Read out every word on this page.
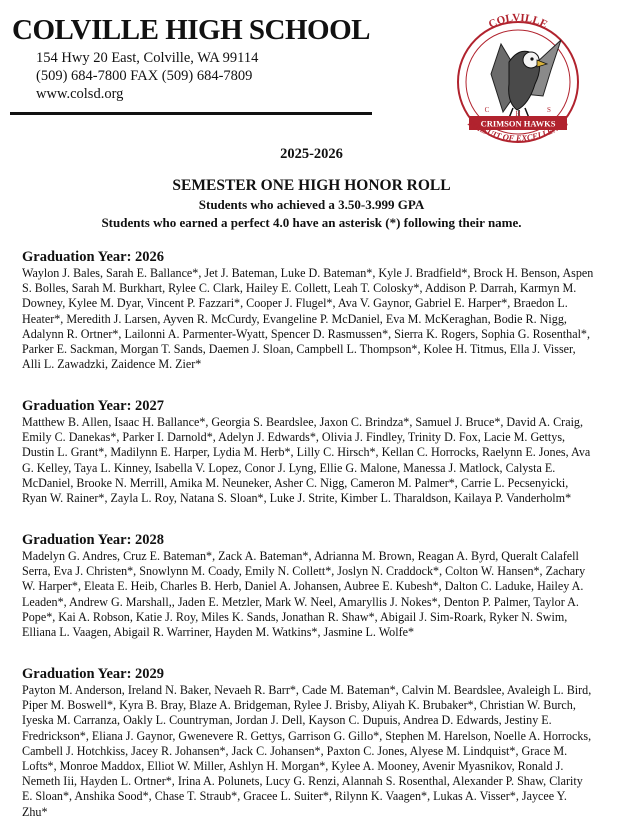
COLVILLE HIGH SCHOOL
154 Hwy 20 East, Colville, WA 99114
(509) 684-7800 FAX (509) 684-7809
www.colsd.org
COLVILLE
CRIMSON HAWKS
C	H	S
PURSUIT OF EXCELLENCE
2025-2026
SEMESTER ONE HIGH HONOR ROLL
Students who achieved a 3.50-3.999 GPA
Students who earned a perfect 4.0 have an asterisk (*) following their name.
Graduation Year: 2026

Waylon J. Bales, Sarah E. Ballance*, Jet J. Bateman, Luke D. Bateman*, Kyle J. Bradfield*, Brock H. Benson, Aspen S. Bolles, Sarah M. Burkhart, Rylee C. Clark, Hailey E. Collett, Leah T. Colosky*, Addison P. Darrah, Karmyn M. Downey, Kylee M. Dyar, Vincent P. Fazzari*, Cooper J. Flugel*, Ava V. Gaynor, Gabriel E. Harper*, Braedon L. Heater*, Meredith J. Larsen, Ayven R. McCurdy, Evangeline P. McDaniel, Eva M. McKeraghan, Bodie R. Nigg, Adalynn R. Ortner*, Lailonni A. Parmenter-Wyatt, Spencer D. Rasmussen*, Sierra K. Rogers, Sophia G. Rosenthal*, Parker E. Sackman, Morgan T. Sands, Daemen J. Sloan, Campbell L. Thompson*, Kolee H. Titmus, Ella J. Visser, Alli L. Zawadzki, Zaidence M. Zier*

Graduation Year: 2027

Matthew B. Allen, Isaac H. Ballance*, Georgia S. Beardslee, Jaxon C. Brindza*, Samuel J. Bruce*, David A. Craig, Emily C. Danekas*, Parker I. Darnold*, Adelyn J. Edwards*, Olivia J. Findley, Trinity D. Fox, Lacie M. Gettys, Dustin L. Grant*, Madilynn E. Harper, Lydia M. Herb*, Lilly C. Hirsch*, Kellan C. Horrocks, Raelynn E. Jones, Ava G. Kelley, Taya L. Kinney, Isabella V. Lopez, Conor J. Lyng, Ellie G. Malone, Manessa J. Matlock, Calysta E. McDaniel, Brooke N. Merrill, Amika M. Neuneker, Asher C. Nigg, Cameron M. Palmer*, Carrie L. Pecsenyicki, Ryan W. Rainer*, Zayla L. Roy, Natana S. Sloan*, Luke J. Strite, Kimber L. Tharaldson, Kailaya P. Vanderholm*

Graduation Year: 2028

Madelyn G. Andres, Cruz E. Bateman*, Zack A. Bateman*, Adrianna M. Brown, Reagan A. Byrd, Queralt Calafell Serra, Eva J. Christen*, Snowlynn M. Coady, Emily N. Collett*, Joslyn N. Craddock*, Colton W. Hansen*, Zachary W. Harper*, Eleata E. Heib, Charles B. Herb, Daniel A. Johansen, Aubree E. Kubesh*, Dalton C. Laduke, Hailey A. Leaden*, Andrew G. Marshall,, Jaden E. Metzler, Mark W. Neel, Amaryllis J. Nokes*, Denton P. Palmer, Taylor A. Pope*, Kai A. Robson, Katie J. Roy, Miles K. Sands, Jonathan R. Shaw*, Abigail J. Sim-Roark, Ryker N. Swim, Elliana L. Vaagen, Abigail R. Warriner, Hayden M. Watkins*, Jasmine L. Wolfe*

Graduation Year: 2029

Payton M. Anderson, Ireland N. Baker, Nevaeh R. Barr*, Cade M. Bateman*, Calvin M. Beardslee, Avaleigh L. Bird, Piper M. Boswell*, Kyra B. Bray, Blaze A. Bridgeman, Rylee J. Brisby, Aliyah K. Brubaker*, Christian W. Burch, Iyeska M. Carranza, Oakly L. Countryman, Jordan J. Dell, Kayson C. Dupuis, Andrea D. Edwards, Jestiny E. Fredrickson*, Eliana J. Gaynor, Gwenevere R. Gettys, Garrison G. Gillo*, Stephen M. Harelson, Noelle A. Horrocks, Cambell J. Hotchkiss, Jacey R. Johansen*, Jack C. Johansen*, Paxton C. Jones, Alyese M. Lindquist*, Grace M. Lofts*, Monroe Maddox, Elliot W. Miller, Ashlyn H. Morgan*, Kylee A. Mooney, Avenir Myasnikov, Ronald J. Nemeth Iii, Hayden L. Ortner*, Irina A. Polunets, Lucy G. Renzi, Alannah S. Rosenthal, Alexander P. Shaw, Clarity E. Sloan*, Anshika Sood*, Chase T. Straub*, Gracee L. Suiter*, Rilynn K. Vaagen*, Lukas A. Visser*, Jaycee Y. Zhu*
